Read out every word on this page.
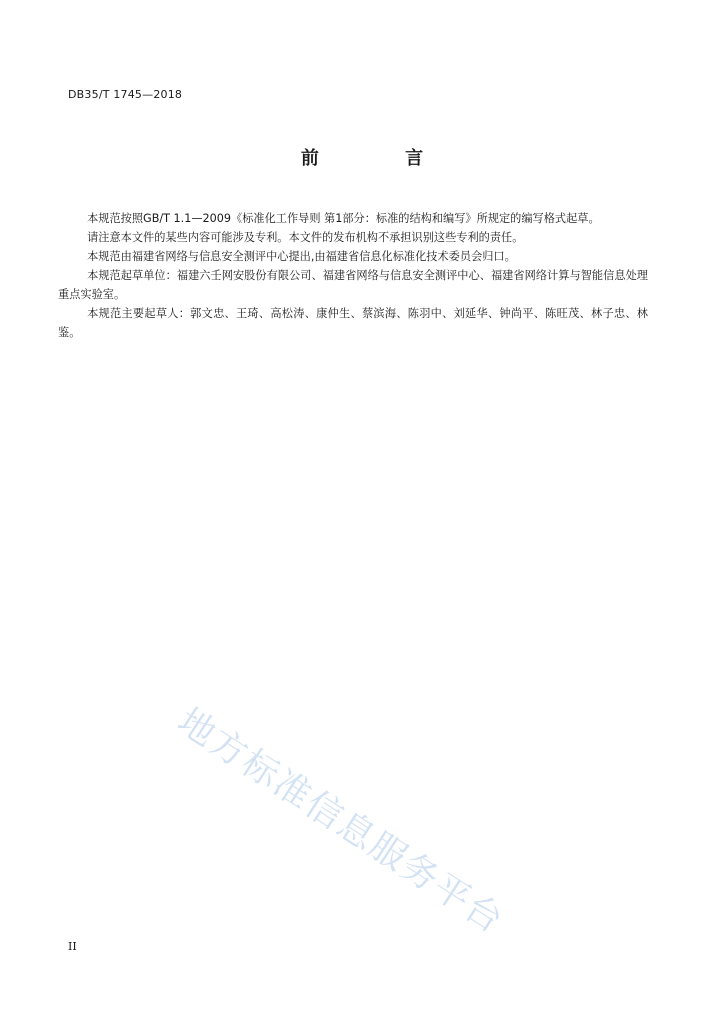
DB35/T 1745—2018
前 言

本规范按照GB/T 1.1—2009《标准化工作导则 第1部分：标准的结构和编写》所规定的编写格式起草。

请注意本文件的某些内容可能涉及专利。本文件的发布机构不承担识别这些专利的责任。

本规范由福建省网络与信息安全测评中心提出,由福建省信息化标准化技术委员会归口。

本规范起草单位：福建六壬网安股份有限公司、福建省网络与信息安全测评中心、福建省网络计算与智能信息处理重点实验室。

本规范主要起草人：郭文忠、王琦、高松涛、康仲生、蔡滨海、陈羽中、刘延华、钟尚平、陈旺茂、林子忠、林鉴。

地方标准信息服务平台
II
